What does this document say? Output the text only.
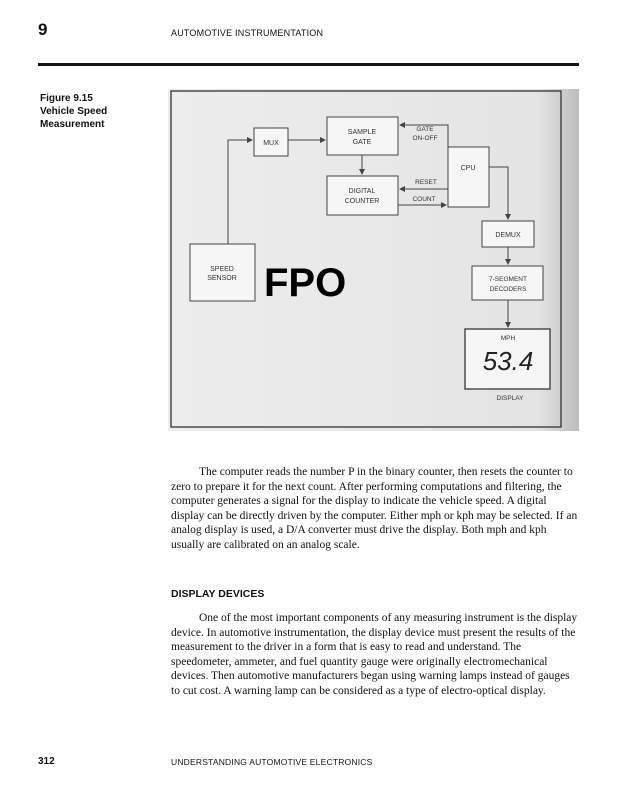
9	AUTOMOTIVE INSTRUMENTATION
Figure 9.15
Vehicle Speed
Measurement
MUX
SAMPLE
GATE
GATE
ON-OFF
CPU
RESET
COUNT
DIGITAL
COUNTER
DEMUX
SPEED
SENSOR FPO	7-SEGMENT
DECODERS
MPH
53.4
DISPLAY

The computer reads the number P in the binary counter, then resets the counter to zero to prepare it for the next count. After performing computations and filtering, the computer generates a signal for the display to indicate the vehicle speed. A digital display can be directly driven by the computer. Either mph or kph may be selected. If an analog display is used, a D/A converter must drive the display. Both mph and kph usually are calibrated on an analog scale.

DISPLAY DEVICES

One of the most important components of any measuring instrument is the display device. In automotive instrumentation, the display device must present the results of the measurement to the driver in a form that is easy to read and understand. The speedometer, ammeter, and fuel quantity gauge were originally electromechanical devices. Then automotive manufacturers began using warning lamps instead of gauges to cut cost. A warning lamp can be considered as a type of electro-optical display.

312	UNDERSTANDING AUTOMOTIVE ELECTRONICS
